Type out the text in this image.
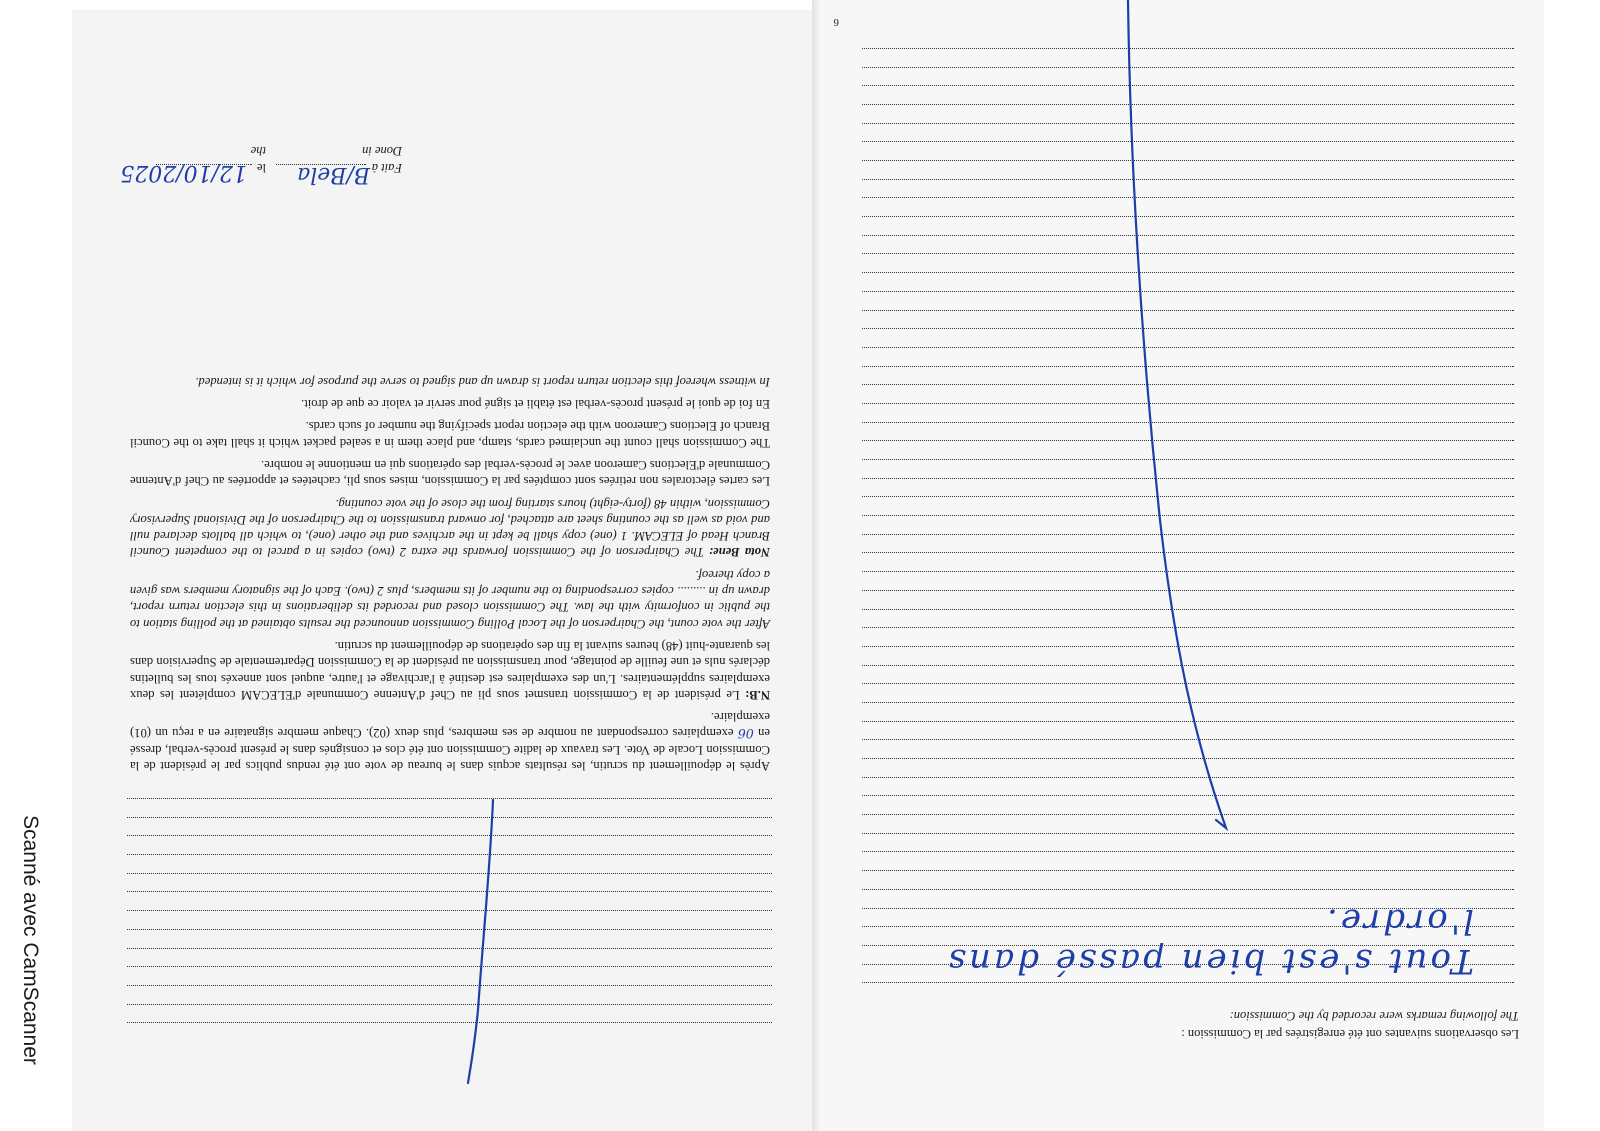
Les observations suivantes ont été enregistrées par la Commission :
The following remarks were recorded by the Commission:
Tout s'est bien passé dans l'ordre.
6

Après le dépouillement du scrutin, les résultats acquis dans le bureau de vote ont été rendus publics par le président de la Commission Locale de Vote. Les travaux de ladite Commission ont été clos et consignés dans le présent procès-verbal, dressé en 06 exemplaires correspondant au nombre de ses membres, plus deux (02). Chaque membre signataire en a reçu un (01) exemplaire.

N.B: Le président de la Commission transmet sous pli au Chef d'Antenne Communale d'ELECAM complétent les deux exemplaires supplémentaires. L'un des exemplaires est destiné à l'archivage et l'autre, auquel sont annexés tous les bulletins déclarés nuls et une feuille de pointage, pour transmission au président de la Commission Départementale de Supervision dans les quarante-huit (48) heures suivant la fin des opérations de dépouillement du scrutin.

After the vote count, the Chairperson of the Local Polling Commission announced the results obtained at the polling station to the public in conformity with the law. The Commission closed and recorded its deliberations in this election return report, drawn up in ......... copies corresponding to the number of its members, plus 2 (two). Each of the signatory members was given a copy thereof.

Nota Bene: The Chairperson of the Commission forwards the extra 2 (two) copies in a parcel to the competent Council Branch Head of ELECAM. 1 (one) copy shall be kept in the archives and the other (one), to which all ballots declared null and void as well as the counting sheet are attached, for onward transmission to the Chairperson of the Divisional Supervisory Commission, within 48 (forty-eight) hours starting from the close of the vote counting.

Les cartes électorales non retirées sont comptées par la Commission, mises sous pli, cachetées et apportées au Chef d'Antenne Communale d'Elections Cameroon avec le procès-verbal des opérations qui en mentionne le nombre.

The Commission shall count the unclaimed cards, stamp, and place them in a sealed packet which it shall take to the Council Branch of Elections Cameroon with the election report specifying the number of such cards.

En foi de quoi le présent procès-verbal est établi et signé pour servir et valoir ce que de droit.

In witness whereof this election return report is drawn up and signed to serve the purpose for which it is intended.

Fait à
le
Done in
the
B/Bela
12/10/2025
Scanné avec CamScanner
